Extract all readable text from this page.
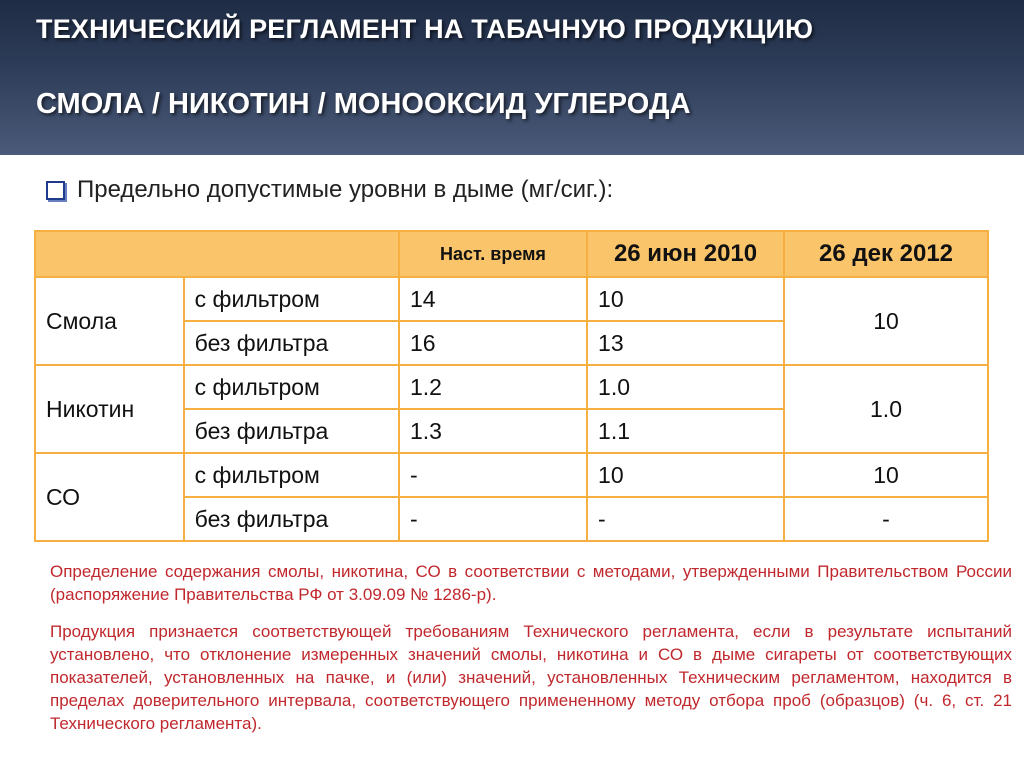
ТЕХНИЧЕСКИЙ РЕГЛАМЕНТ НА ТАБАЧНУЮ ПРОДУКЦИЮ
СМОЛА / НИКОТИН / МОНООКСИД УГЛЕРОДА
Предельно допустимые уровни в дыме (мг/сиг.):
		Наст. время	26 июн 2010	26 дек 2012
Смола	с фильтром	14	10	10
	без фильтра	16	13	
Никотин	с фильтром	1.2	1.0	1.0
	без фильтра	1.3	1.1	
СО	с фильтром	-	10	10
	без фильтра	-	-	-
Определение содержания смолы, никотина, СО в соответствии с методами, утвержденными Правительством России (распоряжение Правительства РФ от 3.09.09 № 1286-р).
Продукция признается соответствующей требованиям Технического регламента, если в результате испытаний установлено, что отклонение измеренных значений смолы, никотина и СО в дыме сигареты от соответствующих показателей, установленных на пачке, и (или) значений, установленных Техническим регламентом, находится в пределах доверительного интервала, соответствующего примененному методу отбора проб (образцов) (ч. 6, ст. 21 Технического регламента).
